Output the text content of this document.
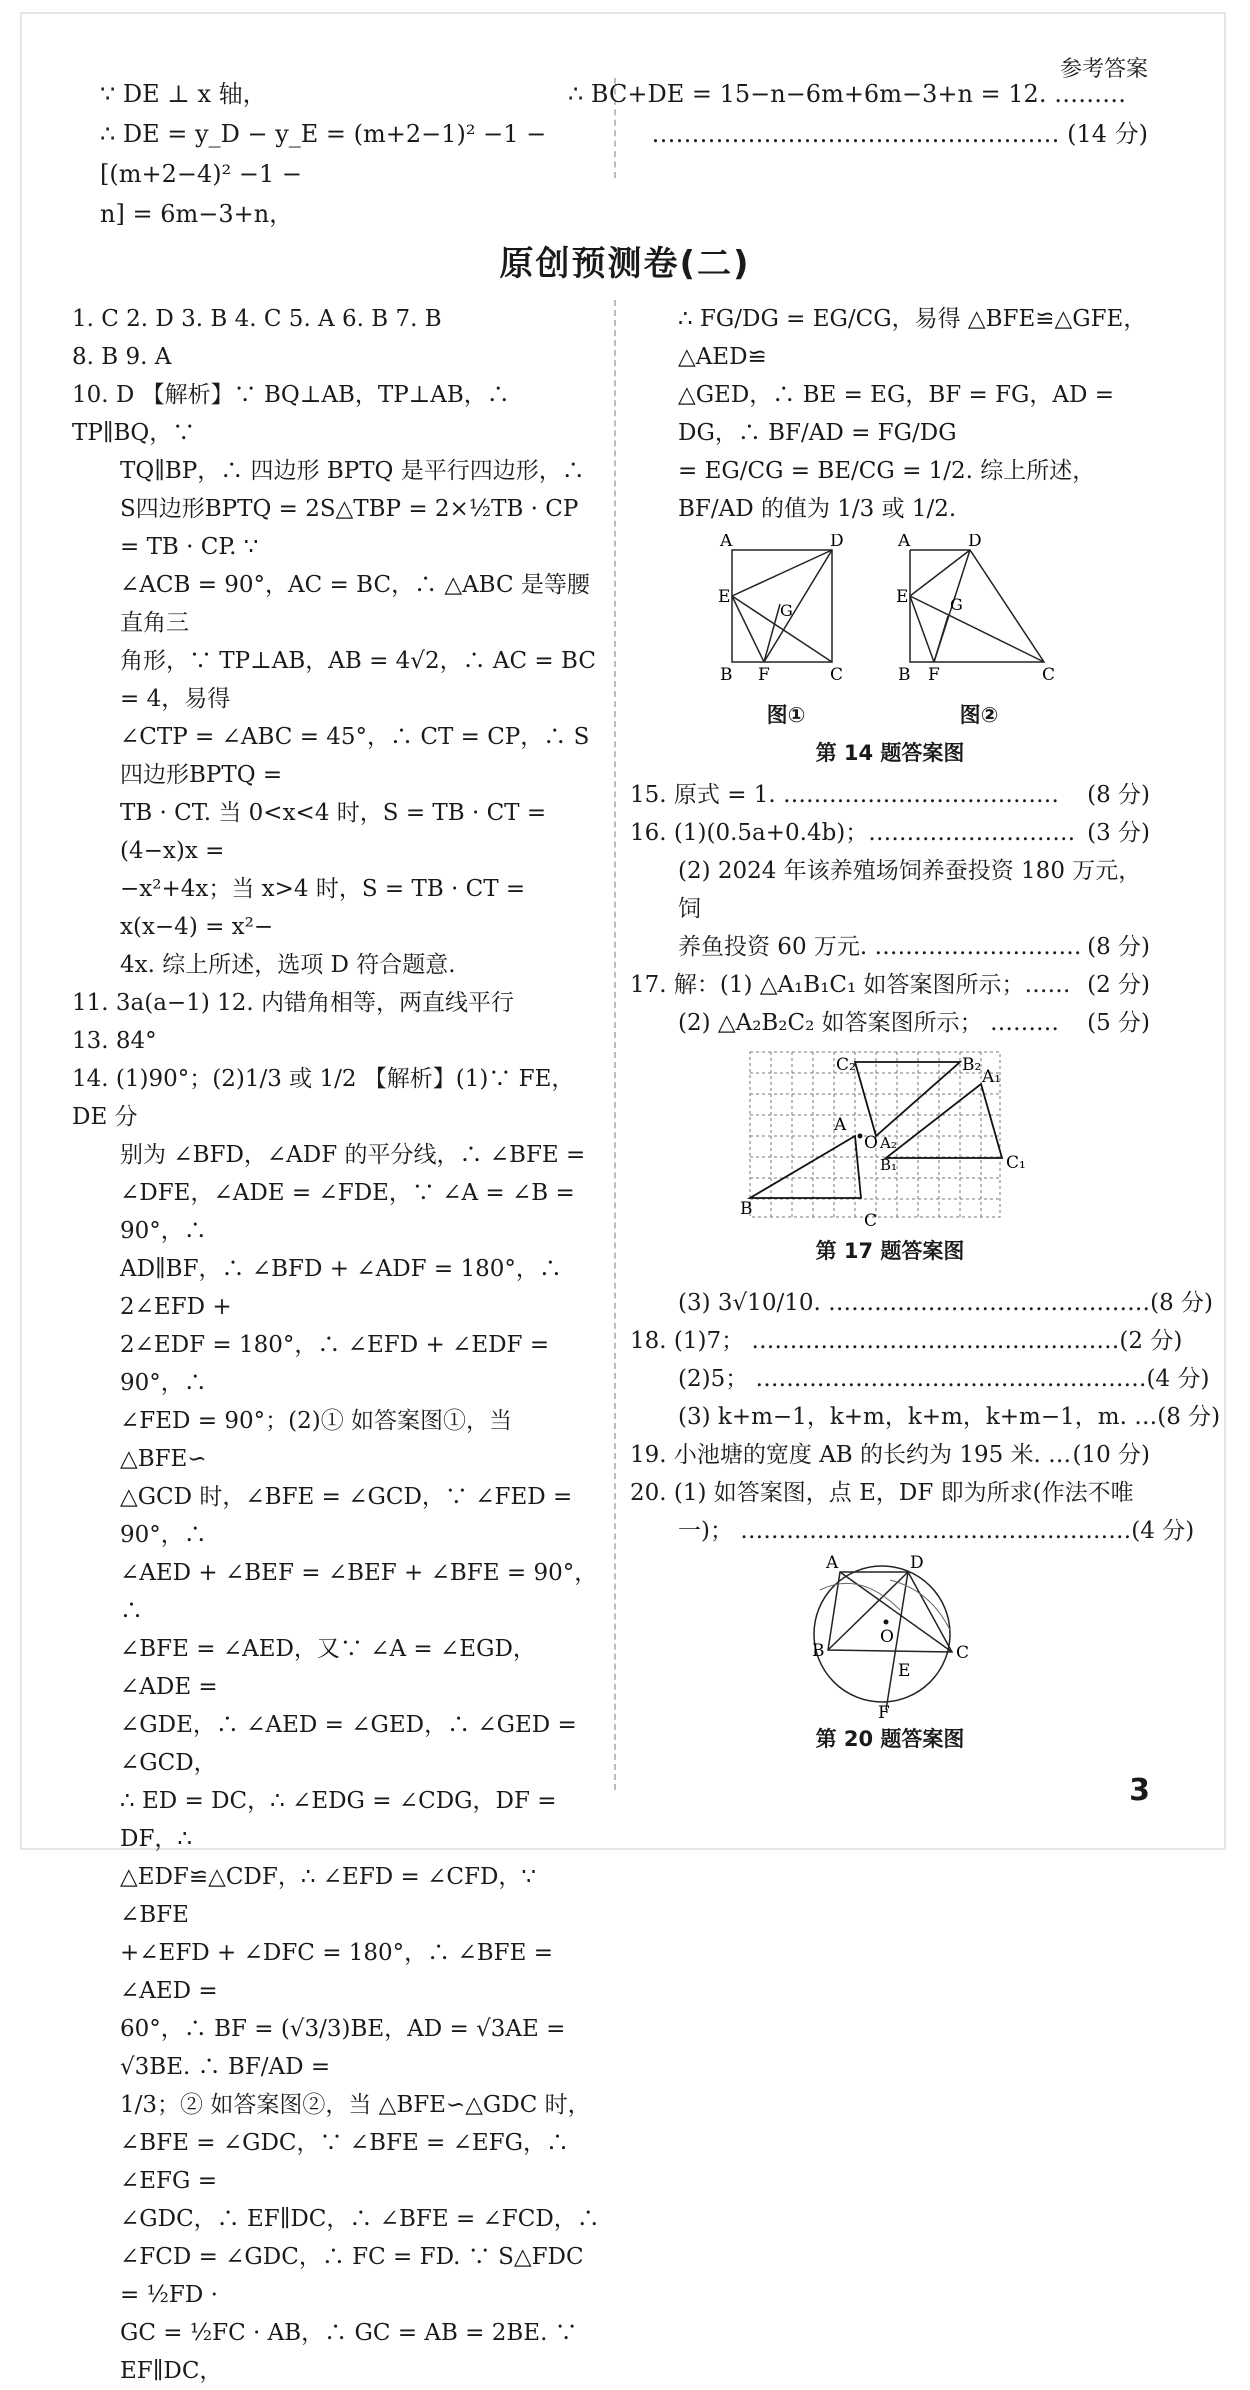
参考答案
∵ DE ⊥ x 轴，
∴ DE = y_D − y_E = (m+2−1)² −1 −[(m+2−4)² −1 −
n] = 6m−3+n，
∴ BC+DE = 15−n−6m+6m−3+n = 12. ………
…………………………………………… (14 分)
原创预测卷(二)

1. C 2. D 3. B 4. C 5. A 6. B 7. B

8. B 9. A

10. D 【解析】∵ BQ⊥AB，TP⊥AB，∴ TP∥BQ，∵

TQ∥BP，∴ 四边形 BPTQ 是平行四边形，∴

S四边形BPTQ = 2S△TBP = 2×½TB · CP = TB · CP. ∵

∠ACB = 90°，AC = BC，∴ △ABC 是等腰直角三

角形，∵ TP⊥AB，AB = 4√2，∴ AC = BC = 4，易得

∠CTP = ∠ABC = 45°，∴ CT = CP，∴ S四边形BPTQ =

TB · CT. 当 0<x<4 时，S = TB · CT = (4−x)x =

−x²+4x；当 x>4 时，S = TB · CT = x(x−4) = x²−

4x. 综上所述，选项 D 符合题意.

11. 3a(a−1) 12. 内错角相等，两直线平行

13. 84°

14. (1)90°；(2)1/3 或 1/2 【解析】(1)∵ FE，DE 分

别为 ∠BFD，∠ADF 的平分线，∴ ∠BFE =

∠DFE，∠ADE = ∠FDE，∵ ∠A = ∠B = 90°，∴

AD∥BF，∴ ∠BFD + ∠ADF = 180°，∴ 2∠EFD +

2∠EDF = 180°，∴ ∠EFD + ∠EDF = 90°，∴

∠FED = 90°；(2)① 如答案图①，当 △BFE∽

△GCD 时，∠BFE = ∠GCD，∵ ∠FED = 90°，∴

∠AED + ∠BEF = ∠BEF + ∠BFE = 90°，∴

∠BFE = ∠AED，又∵ ∠A = ∠EGD，∠ADE =

∠GDE，∴ ∠AED = ∠GED，∴ ∠GED = ∠GCD，

∴ ED = DC，∴ ∠EDG = ∠CDG，DF = DF，∴

△EDF≌△CDF，∴ ∠EFD = ∠CFD，∵ ∠BFE

+∠EFD + ∠DFC = 180°，∴ ∠BFE = ∠AED =

60°，∴ BF = (√3/3)BE，AD = √3AE = √3BE. ∴ BF/AD =

1/3；② 如答案图②，当 △BFE∽△GDC 时，

∠BFE = ∠GDC，∵ ∠BFE = ∠EFG，∴ ∠EFG =

∠GDC，∴ EF∥DC，∴ ∠BFE = ∠FCD，∴

∠FCD = ∠GDC，∴ FC = FD. ∵ S△FDC = ½FD ·

GC = ½FC · AB，∴ GC = AB = 2BE. ∵ EF∥DC，

∴ FG/DG = EG/CG，易得 △BFE≌△GFE，△AED≌

△GED，∴ BE = EG，BF = FG，AD = DG，∴ BF/AD = FG/DG

= EG/CG = BE/CG = 1/2. 综上所述，BF/AD 的值为 1/3 或 1/2.

A	D
E
G
B F	C
图①
A	D
E	G
B F	C
图②
第 14 题答案图
15. 原式 = 1. ……………………………… (8 分)
16. (1)(0.5a+0.4b)；……………………… (3 分)

(2) 2024 年该养殖场饲养蚕投资 180 万元，饲

养鱼投资 60 万元. ……………………… (8 分)
17. 解：(1) △A₁B₁C₁ 如答案图所示；…… (2 分)
(2) △A₂B₂C₂ 如答案图所示； ……… (5 分)
B
A
C
O
C₂	B₂
A₁
A₂
B₁	C₁
第 17 题答案图
(3) 3√10/10. …………………………………… (8 分)
18. (1)7； ………………………………………… (2 分)
(2)5； …………………………………………… (4 分)
(3) k+m−1，k+m，k+m，k+m−1，m. … (8 分)
19. 小池塘的宽度 AB 的长约为 195 米. … (10 分)

20. (1) 如答案图，点 E，DF 即为所求(作法不唯

一)； …………………………………………… (4 分)
A	D
O
B	C
E
F
第 20 题答案图
3
